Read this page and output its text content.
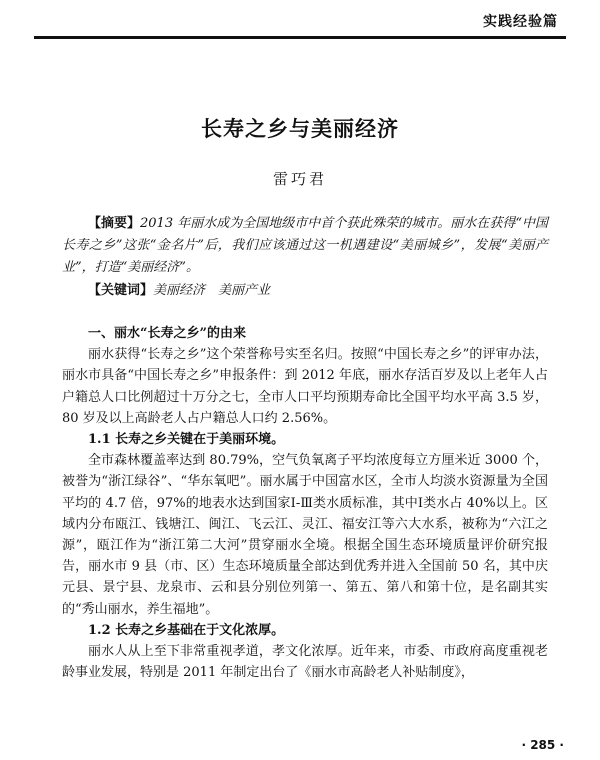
实践经验篇
长寿之乡与美丽经济
雷巧君

【摘要】2013 年丽水成为全国地级市中首个获此殊荣的城市。丽水在获得“中国长寿之乡”这张“金名片”后，我们应该通过这一机遇建设“美丽城乡”，发展“美丽产业”，打造“美丽经济”。

【关键词】美丽经济　美丽产业

一、丽水“长寿之乡”的由来

丽水获得“长寿之乡”这个荣誉称号实至名归。按照“中国长寿之乡”的评审办法，丽水市具备“中国长寿之乡”申报条件：到 2012 年底，丽水存活百岁及以上老年人占户籍总人口比例超过十万分之七，全市人口平均预期寿命比全国平均水平高 3.5 岁，80 岁及以上高龄老人占户籍总人口约 2.56%。

1.1 长寿之乡关键在于美丽环境。

全市森林覆盖率达到 80.79%，空气负氧离子平均浓度每立方厘米近 3000 个，被誉为“浙江绿谷”、“华东氧吧”。丽水属于中国富水区，全市人均淡水资源量为全国平均的 4.7 倍，97%的地表水达到国家Ⅰ-Ⅲ类水质标准，其中Ⅰ类水占 40%以上。区域内分布瓯江、钱塘江、闽江、飞云江、灵江、福安江等六大水系，被称为“六江之源”，瓯江作为“浙江第二大河”贯穿丽水全境。根据全国生态环境质量评价研究报告，丽水市 9 县（市、区）生态环境质量全部达到优秀并进入全国前 50 名，其中庆元县、景宁县、龙泉市、云和县分别位列第一、第五、第八和第十位，是名副其实的“秀山丽水，养生福地”。

1.2 长寿之乡基础在于文化浓厚。

丽水人从上至下非常重视孝道，孝文化浓厚。近年来，市委、市政府高度重视老龄事业发展，特别是 2011 年制定出台了《丽水市高龄老人补贴制度》，

· 285 ·
